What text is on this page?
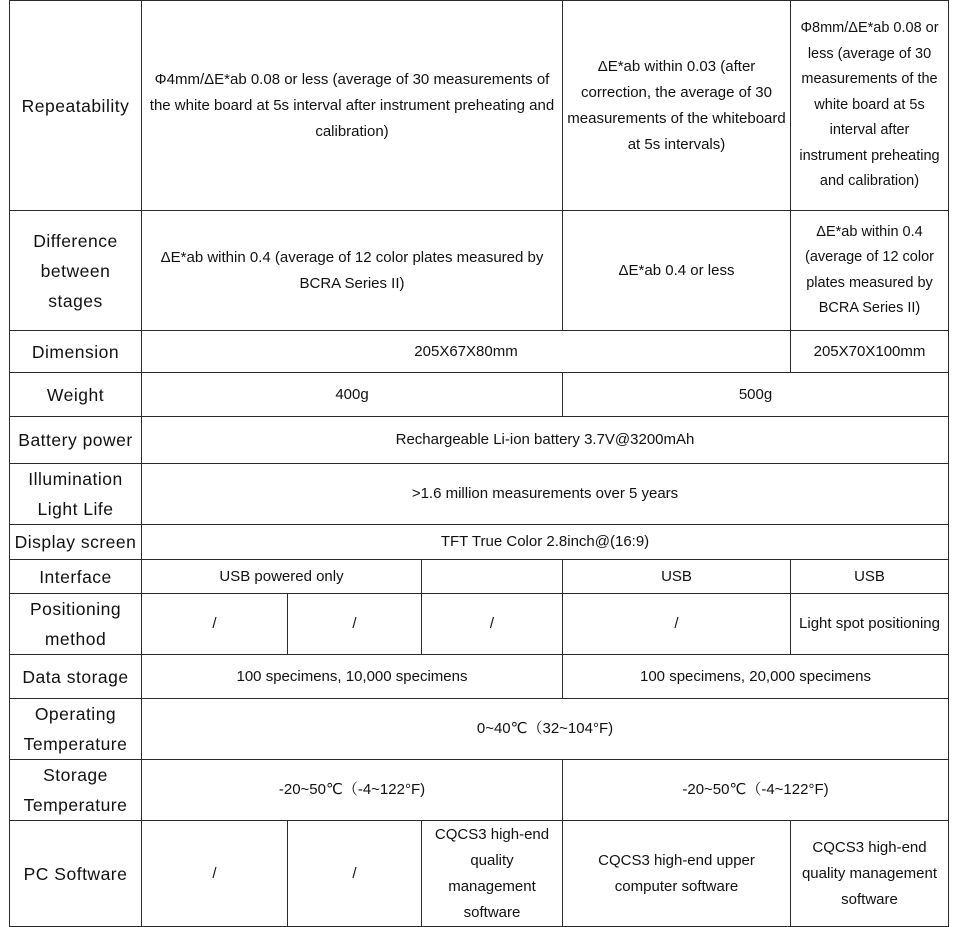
Repeatability	Φ4mm/ΔE*ab 0.08 or less (average of 30 measurements of the white board at 5s interval after instrument preheating and calibration)			ΔE*ab within 0.03 (after correction, the average of 30 measurements of the whiteboard at 5s intervals)	Φ8mm/ΔE*ab 0.08 or less (average of 30 measurements of the white board at 5s interval after instrument preheating and calibration)
Difference between stages	ΔE*ab within 0.4 (average of 12 color plates measured by BCRA Series II)			ΔE*ab 0.4 or less	ΔE*ab within 0.4 (average of 12 color plates measured by BCRA Series II)
Dimension	205X67X80mm				205X70X100mm
Weight	400g			500g	
Battery power	Rechargeable Li-ion battery 3.7V@3200mAh				
Illumination Light Life	>1.6 million measurements over 5 years				
Display screen	TFT True Color 2.8inch@(16:9)				
Interface	USB powered only			USB	USB
Positioning method	/	/	/	/	Light spot positioning
Data storage	100 specimens, 10,000 specimens			100 specimens, 20,000 specimens	
Operating Temperature	0~40℃（32~104°F)				
Storage Temperature	-20~50℃（-4~122°F)			-20~50℃（-4~122°F)	
PC Software	/	/	CQCS3 high-end quality management software	CQCS3 high-end upper computer software	CQCS3 high-end quality management software
